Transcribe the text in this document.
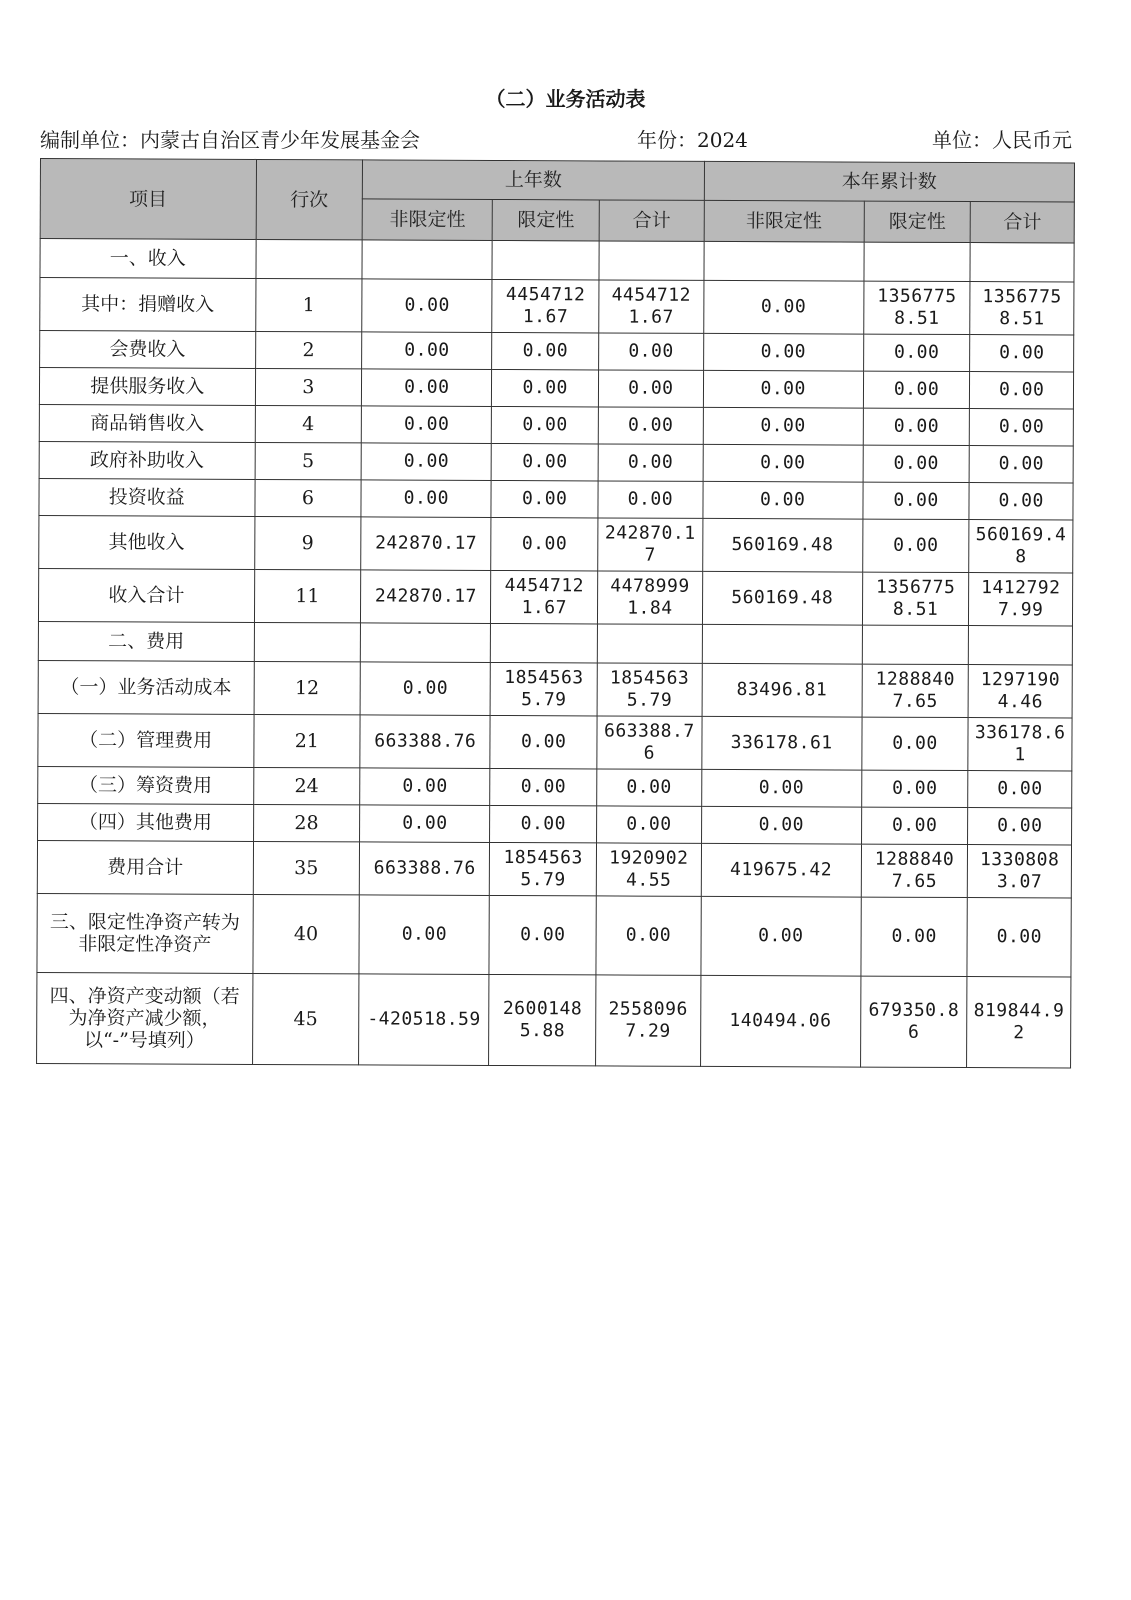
（二）业务活动表
编制单位：内蒙古自治区青少年发展基金会	年份：2024	单位：人民币元
项目	行次	上年数			本年累计数		
		非限定性	限定性	合计	非限定性	限定性	合计
一、收入							
其中：捐赠收入	1	0.00	44547121.67	44547121.67	0.00	13567758.51	13567758.51
会费收入	2	0.00	0.00	0.00	0.00	0.00	0.00
提供服务收入	3	0.00	0.00	0.00	0.00	0.00	0.00
商品销售收入	4	0.00	0.00	0.00	0.00	0.00	0.00
政府补助收入	5	0.00	0.00	0.00	0.00	0.00	0.00
投资收益	6	0.00	0.00	0.00	0.00	0.00	0.00
其他收入	9	242870.17	0.00	242870.17	560169.48	0.00	560169.48
收入合计	11	242870.17	44547121.67	44789991.84	560169.48	13567758.51	14127927.99
二、费用							
（一）业务活动成本	12	0.00	18545635.79	18545635.79	83496.81	12888407.65	12971904.46
（二）管理费用	21	663388.76	0.00	663388.76	336178.61	0.00	336178.61
（三）筹资费用	24	0.00	0.00	0.00	0.00	0.00	0.00
（四）其他费用	28	0.00	0.00	0.00	0.00	0.00	0.00
费用合计	35	663388.76	18545635.79	19209024.55	419675.42	12888407.65	13308083.07
三、限定性净资产转为非限定性净资产	40	0.00	0.00	0.00	0.00	0.00	0.00
四、净资产变动额（若为净资产减少额，以“-”号填列）	45	-420518.59	26001485.88	25580967.29	140494.06	679350.86	819844.92
